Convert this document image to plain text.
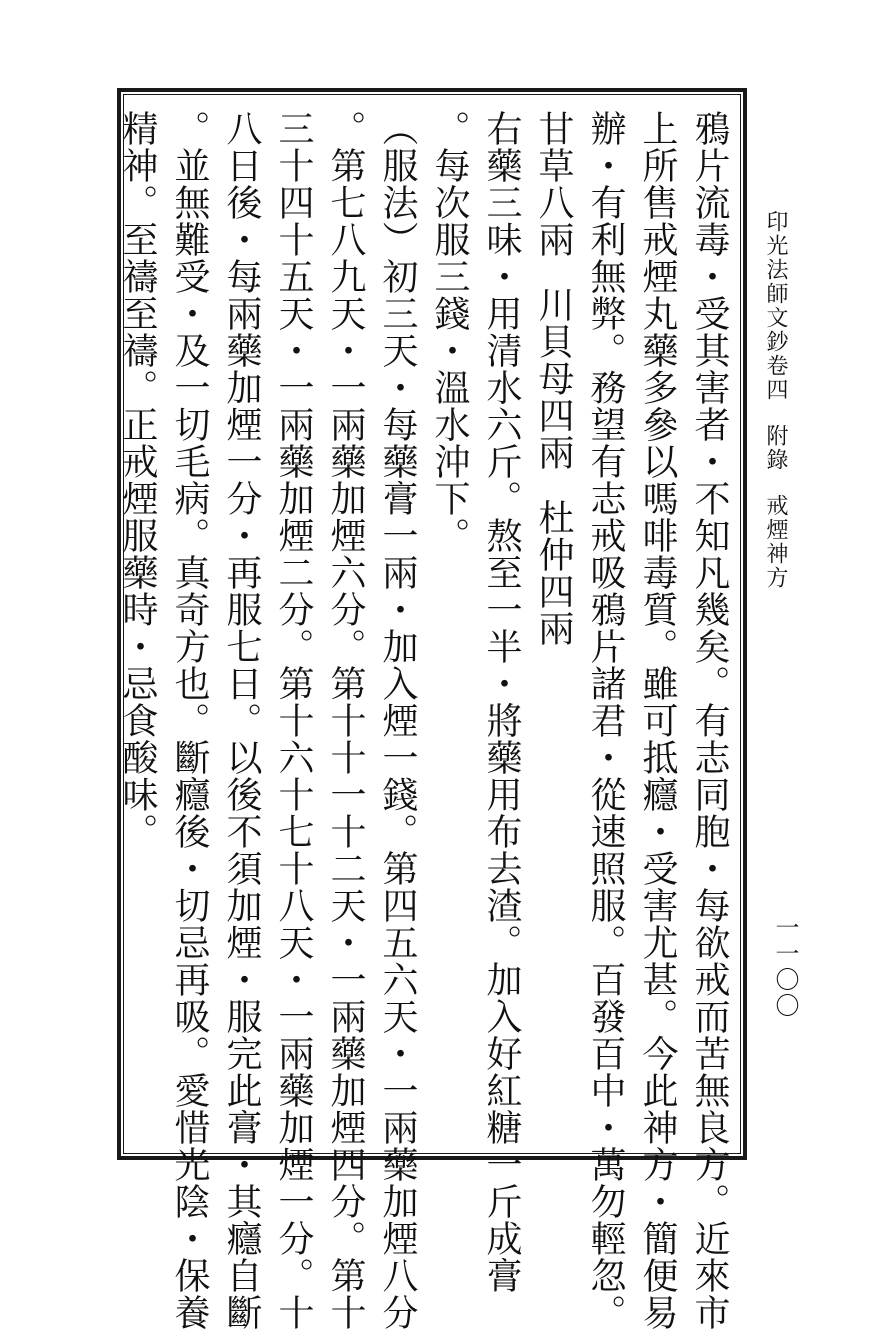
印光法師文鈔卷四附錄戒煙神方
一一〇〇
鴉片流毒・受其害者・不知凡幾矣。有志同胞・每欲戒而苦無良方。近來市
上所售戒煙丸藥多參以嗎啡毒質。雖可抵癮・受害尤甚。今此神方・簡便易
辦・有利無弊。務望有志戒吸鴉片諸君・從速照服。百發百中・萬勿輕忽。
甘草八兩川貝母四兩杜仲四兩
右藥三味・用清水六斤。熬至一半・將藥用布去渣。加入好紅糖一斤成膏
。每次服三錢・溫水沖下。
（服法）初三天・每藥膏一兩・加入煙一錢。第四五六天・一兩藥加煙八分
。第七八九天・一兩藥加煙六分。第十十一十二天・一兩藥加煙四分。第十
三十四十五天・一兩藥加煙二分。第十六十七十八天・一兩藥加煙一分。十
八日後・每兩藥加煙一分・再服七日。以後不須加煙・服完此膏・其癮自斷
。並無難受・及一切毛病。真奇方也。斷癮後・切忌再吸。愛惜光陰・保養
精神。至禱至禱。正戒煙服藥時・忌食酸味。
